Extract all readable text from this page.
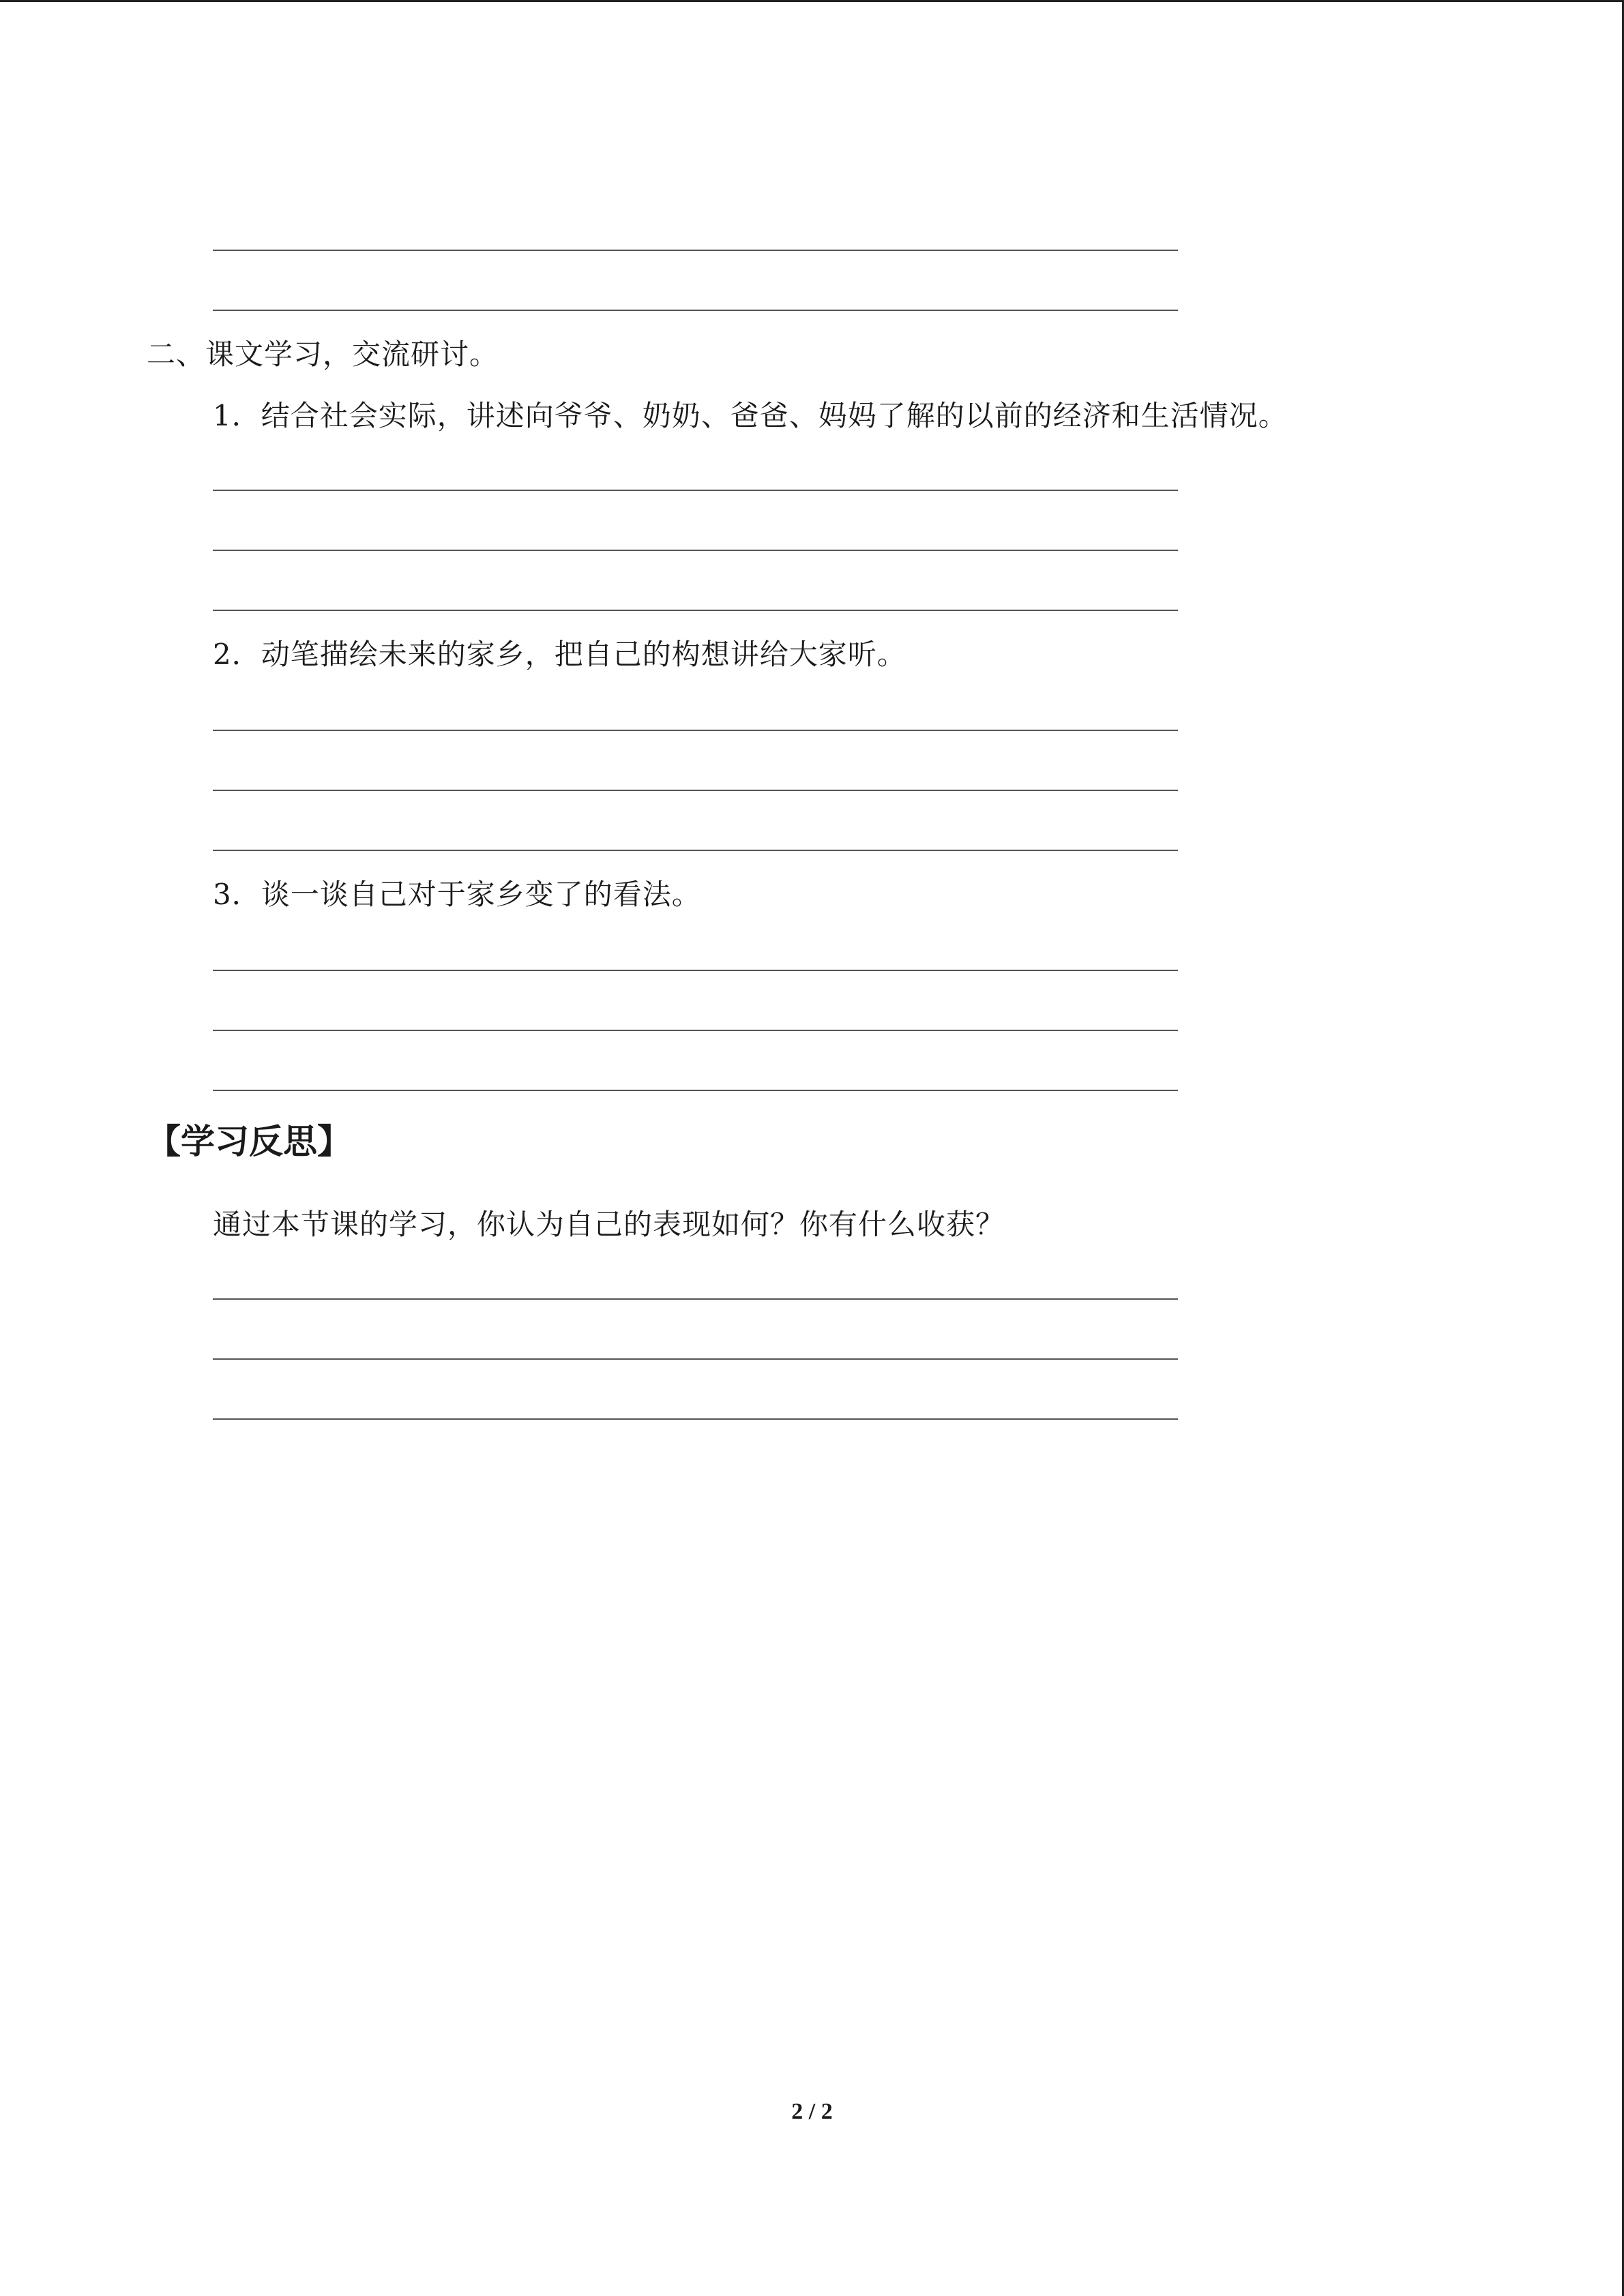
二、课文学习，交流研讨。
1．结合社会实际，讲述向爷爷、奶奶、爸爸、妈妈了解的以前的经济和生活情况。
2．动笔描绘未来的家乡，把自己的构想讲给大家听。
3．谈一谈自己对于家乡变了的看法。
【学习反思】
通过本节课的学习，你认为自己的表现如何？你有什么收获？
2 / 2
